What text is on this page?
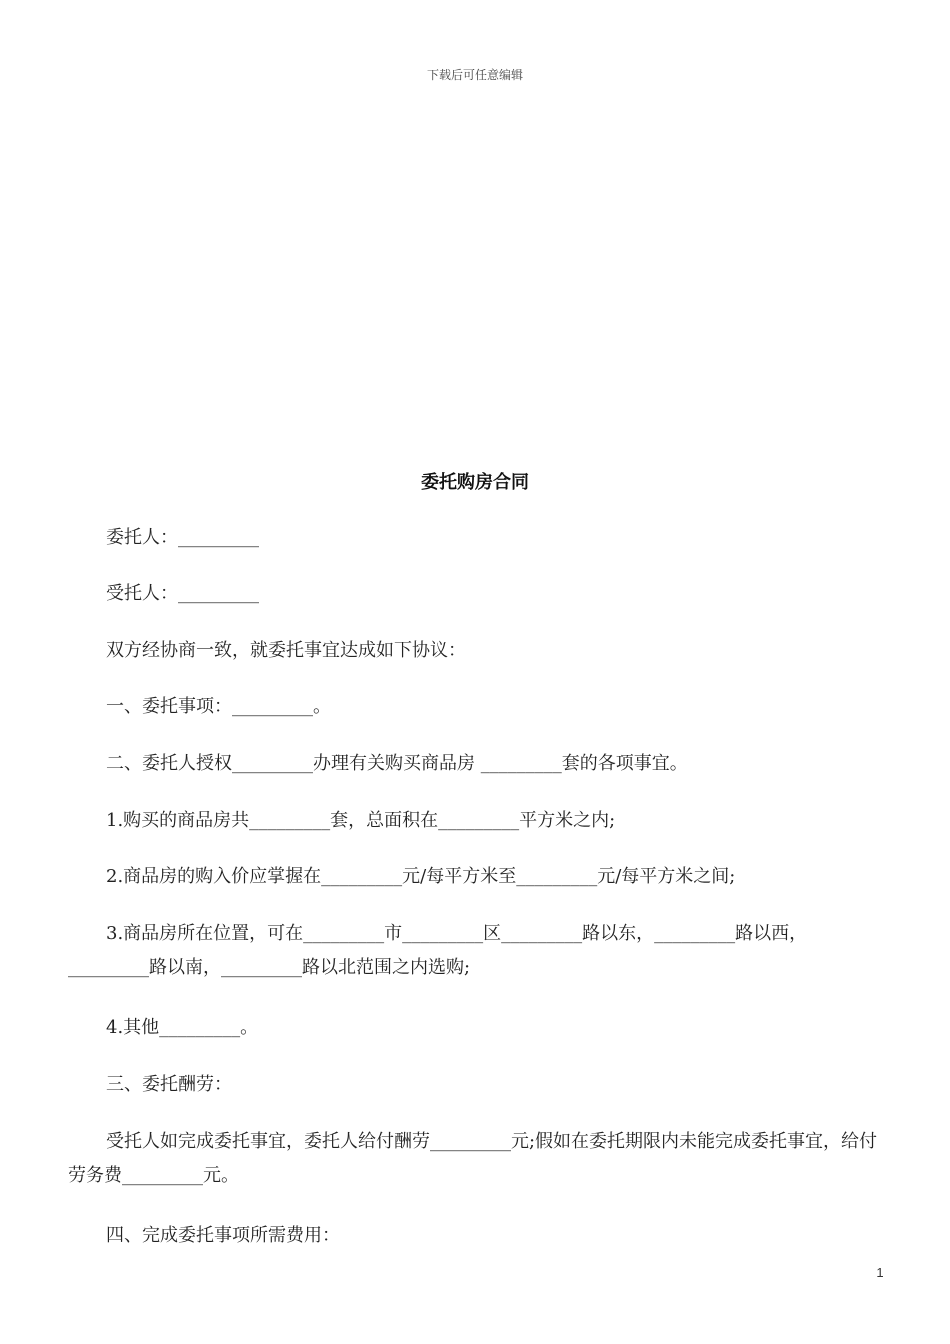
下载后可任意编辑
委托购房合同
委托人：_________
受托人：_________
双方经协商一致，就委托事宜达成如下协议：
一、委托事项：_________。
二、委托人授权_________办理有关购买商品房 _________套的各项事宜。
1.购买的商品房共_________套，总面积在_________平方米之内;
2.商品房的购入价应掌握在_________元/每平方米至_________元/每平方米之间;
3.商品房所在位置，可在_________市_________区_________路以东，_________路以西，_________路以南，_________路以北范围之内选购;
4.其他_________。
三、委托酬劳：
受托人如完成委托事宜，委托人给付酬劳_________元;假如在委托期限内未能完成委托事宜，给付劳务费_________元。
四、完成委托事项所需费用：
1
